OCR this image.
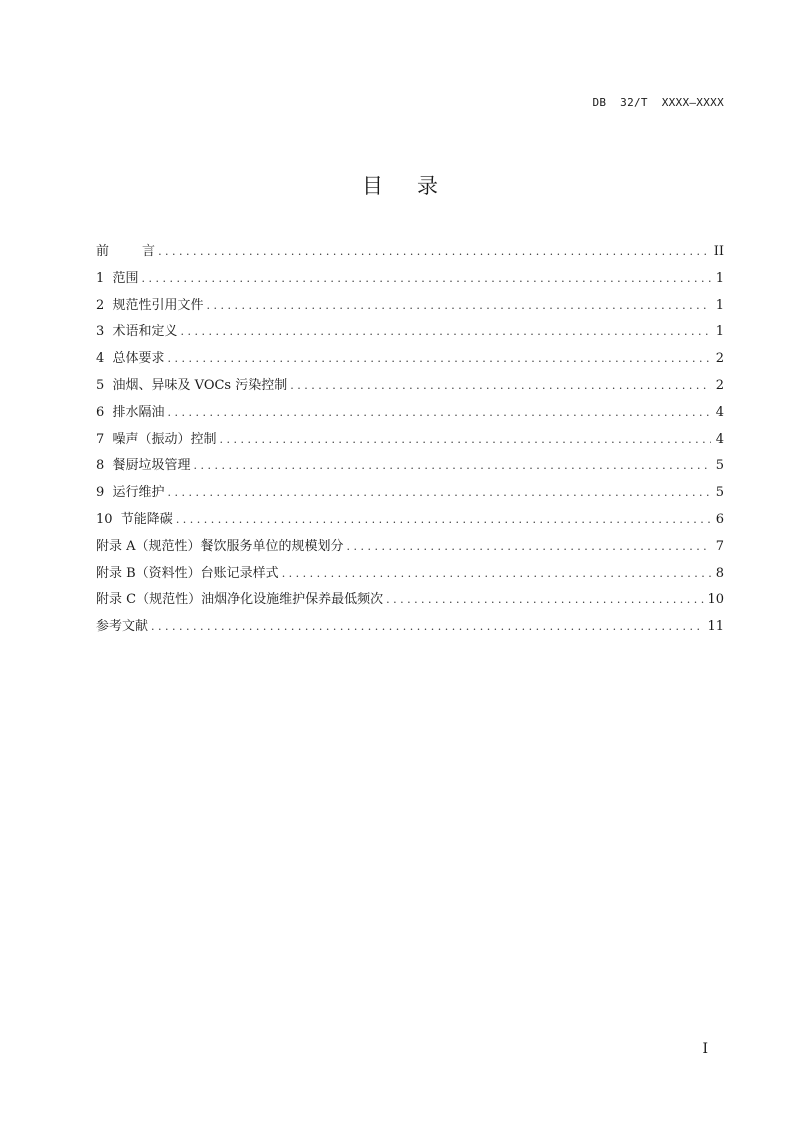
DB  32/T  XXXX—XXXX
目录
前        言 . . .	II
1  范围 . . .	1
2  规范性引用文件 . . .	1
3  术语和定义 . . .	1
4  总体要求 . . .	2
5  油烟、异味及 VOCs 污染控制 . . .	2
6  排水隔油 . . .	4
7  噪声（振动）控制 . . .	4
8  餐厨垃圾管理 . . .	5
9  运行维护 . . .	5
10  节能降碳 . . .	6
附录 A（规范性）餐饮服务单位的规模划分 . . .	7
附录 B（资料性）台账记录样式 . . .	8
附录 C（规范性）油烟净化设施维护保养最低频次 . . .	10
参考文献 . . .	11
I
